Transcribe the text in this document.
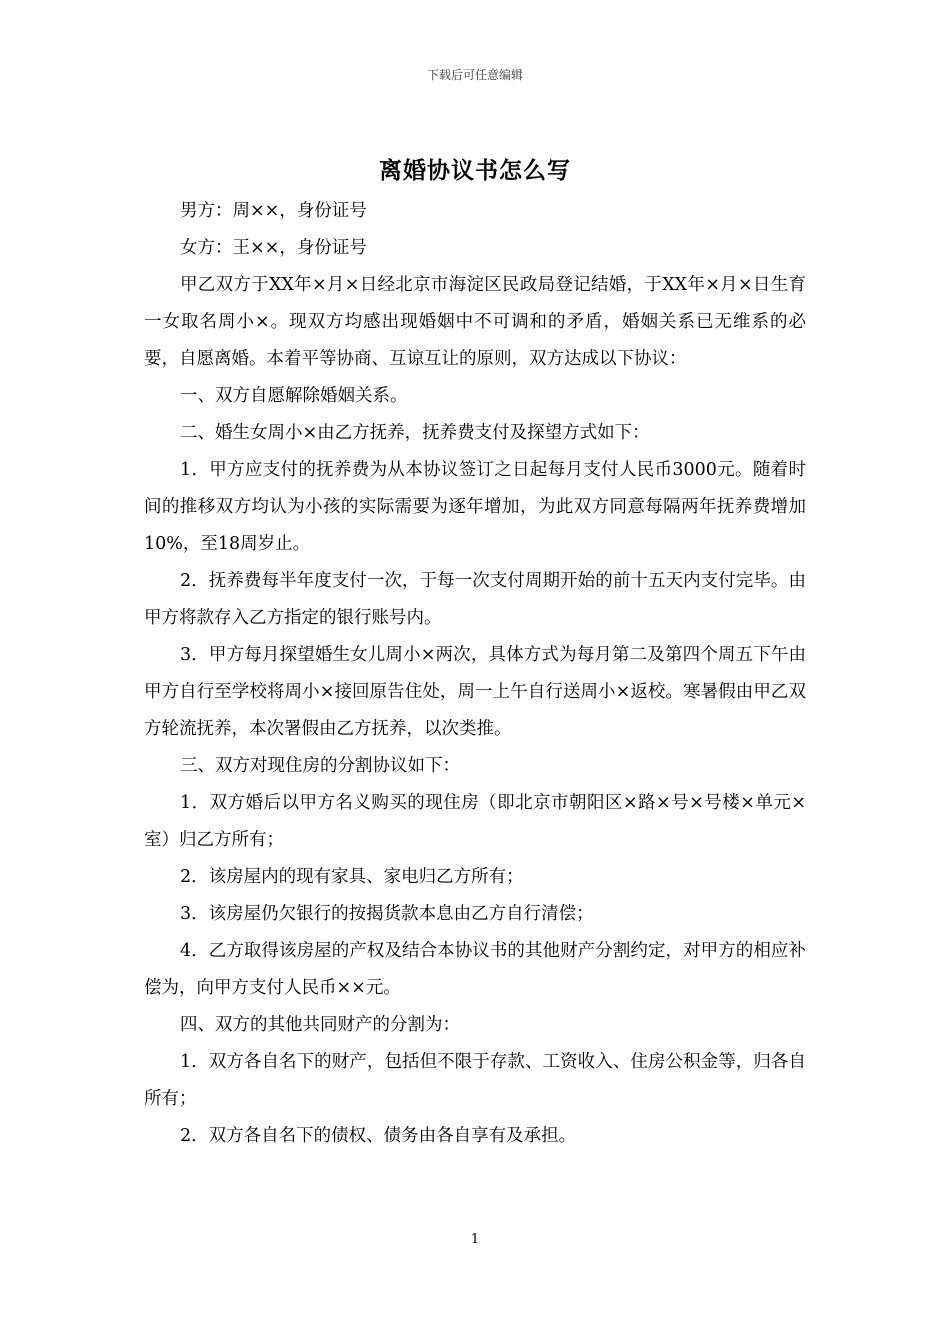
下载后可任意编辑
离婚协议书怎么写

男方：周××，身份证号

女方：王××，身份证号

甲乙双方于XX年×月×日经北京市海淀区民政局登记结婚，于XX年×月×日生育一女取名周小×。现双方均感出现婚姻中不可调和的矛盾，婚姻关系已无维系的必要，自愿离婚。本着平等协商、互谅互让的原则，双方达成以下协议：

一、双方自愿解除婚姻关系。

二、婚生女周小×由乙方抚养，抚养费支付及探望方式如下：

1．甲方应支付的抚养费为从本协议签订之日起每月支付人民币3000元。随着时间的推移双方均认为小孩的实际需要为逐年增加，为此双方同意每隔两年抚养费增加10%，至18周岁止。

2．抚养费每半年度支付一次，于每一次支付周期开始的前十五天内支付完毕。由甲方将款存入乙方指定的银行账号内。

3．甲方每月探望婚生女儿周小×两次，具体方式为每月第二及第四个周五下午由甲方自行至学校将周小×接回原告住处，周一上午自行送周小×返校。寒暑假由甲乙双方轮流抚养，本次署假由乙方抚养，以次类推。

三、双方对现住房的分割协议如下：

1．双方婚后以甲方名义购买的现住房（即北京市朝阳区×路×号×号楼×单元×室）归乙方所有；

2．该房屋内的现有家具、家电归乙方所有；

3．该房屋仍欠银行的按揭货款本息由乙方自行清偿；

4．乙方取得该房屋的产权及结合本协议书的其他财产分割约定，对甲方的相应补偿为，向甲方支付人民币××元。

四、双方的其他共同财产的分割为：

1．双方各自名下的财产，包括但不限于存款、工资收入、住房公积金等，归各自所有；

2．双方各自名下的债权、债务由各自享有及承担。

1
